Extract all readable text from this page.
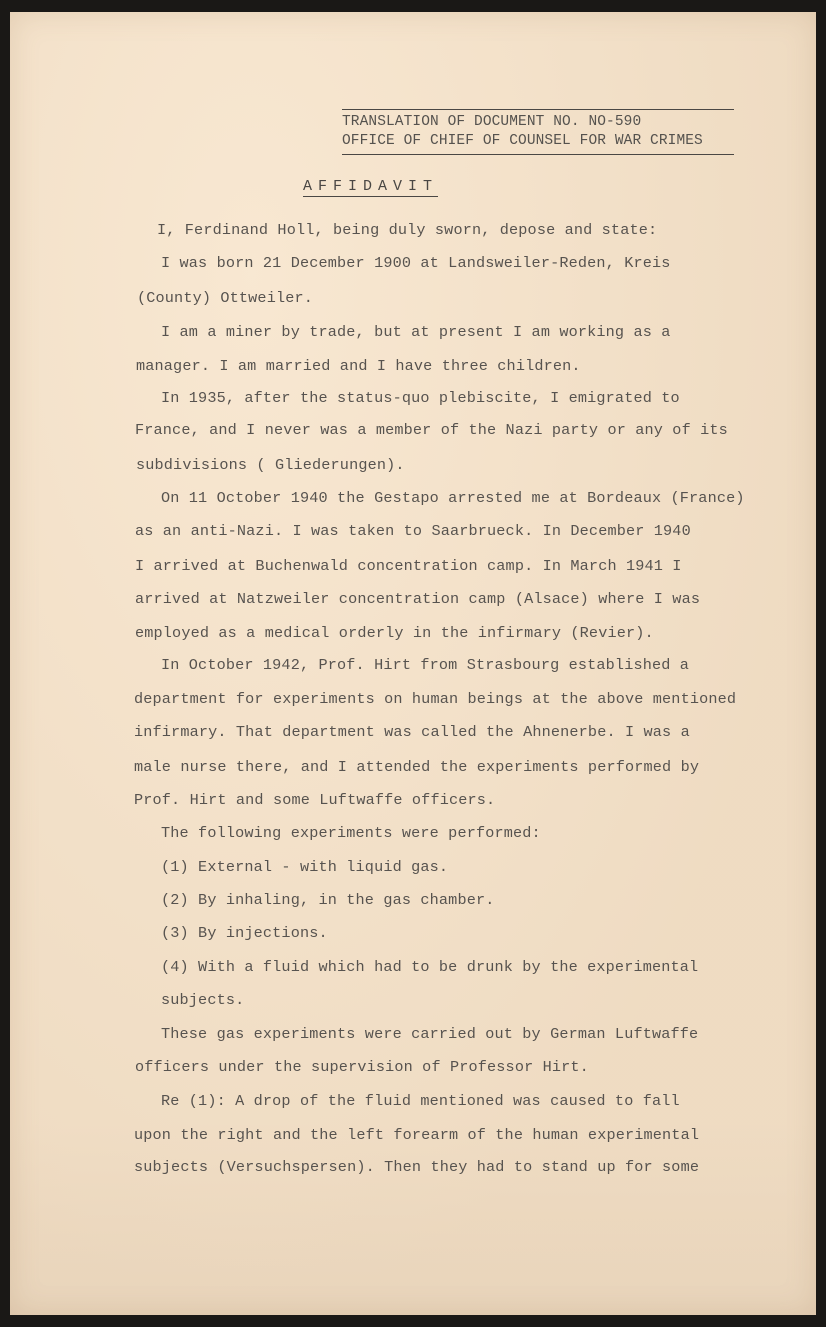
TRANSLATION OF DOCUMENT NO. NO-590
OFFICE OF CHIEF OF COUNSEL FOR WAR CRIMES
AFFIDAVIT
I, Ferdinand Holl, being duly sworn, depose and state:
I was born 21 December 1900 at Landsweiler-Reden, Kreis
(County) Ottweiler.
I am a miner by trade, but at present I am working as a
manager. I am married and I have three children.
In 1935, after the status-quo plebiscite, I emigrated to
France, and I never was a member of the Nazi party or any of its
subdivisions ( Gliederungen).
On 11 October 1940 the Gestapo arrested me at Bordeaux (France)
as an anti-Nazi. I was taken to Saarbrueck. In December 1940
I arrived at Buchenwald concentration camp. In March 1941 I
arrived at Natzweiler concentration camp (Alsace) where I was
employed as a medical orderly in the infirmary (Revier).
In October 1942, Prof. Hirt from Strasbourg established a
department for experiments on human beings at the above mentioned
infirmary. That department was called the Ahnenerbe. I was a
male nurse there, and I attended the experiments performed by
Prof. Hirt and some Luftwaffe officers.
The following experiments were performed:
(1) External - with liquid gas.
(2) By inhaling, in the gas chamber.
(3) By injections.
(4) With a fluid which had to be drunk by the experimental
subjects.
These gas experiments were carried out by German Luftwaffe
officers under the supervision of Professor Hirt.
Re (1): A drop of the fluid mentioned was caused to fall
upon the right and the left forearm of the human experimental
subjects (Versuchspersen). Then they had to stand up for some
